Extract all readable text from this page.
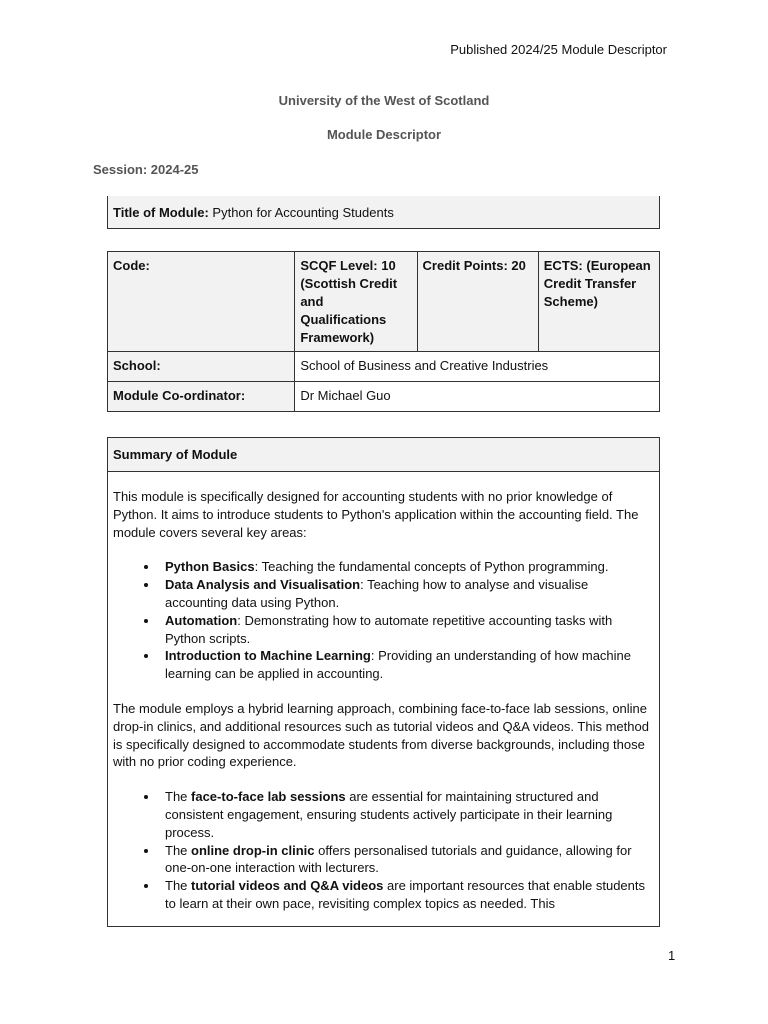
Published 2024/25 Module Descriptor
University of the West of Scotland
Module Descriptor
Session: 2024-25
Title of Module: Python for Accounting Students
Code:	SCQF Level: 10 (Scottish Credit and Qualifications Framework)	Credit Points: 20	ECTS: (European Credit Transfer Scheme)
School:	School of Business and Creative Industries		
Module Co-ordinator:	Dr Michael Guo		
Summary of Module

This module is specifically designed for accounting students with no prior knowledge of Python. It aims to introduce students to Python's application within the accounting field. The module covers several key areas:

• Python Basics: Teaching the fundamental concepts of Python programming.
• Data Analysis and Visualisation: Teaching how to analyse and visualise accounting data using Python.
• Automation: Demonstrating how to automate repetitive accounting tasks with Python scripts.
• Introduction to Machine Learning: Providing an understanding of how machine learning can be applied in accounting.

The module employs a hybrid learning approach, combining face-to-face lab sessions, online drop-in clinics, and additional resources such as tutorial videos and Q&A videos. This method is specifically designed to accommodate students from diverse backgrounds, including those with no prior coding experience.

• The face-to-face lab sessions are essential for maintaining structured and consistent engagement, ensuring students actively participate in their learning process.
• The online drop-in clinic offers personalised tutorials and guidance, allowing for one-on-one interaction with lecturers.
• The tutorial videos and Q&A videos are important resources that enable students to learn at their own pace, revisiting complex topics as needed. This
1
